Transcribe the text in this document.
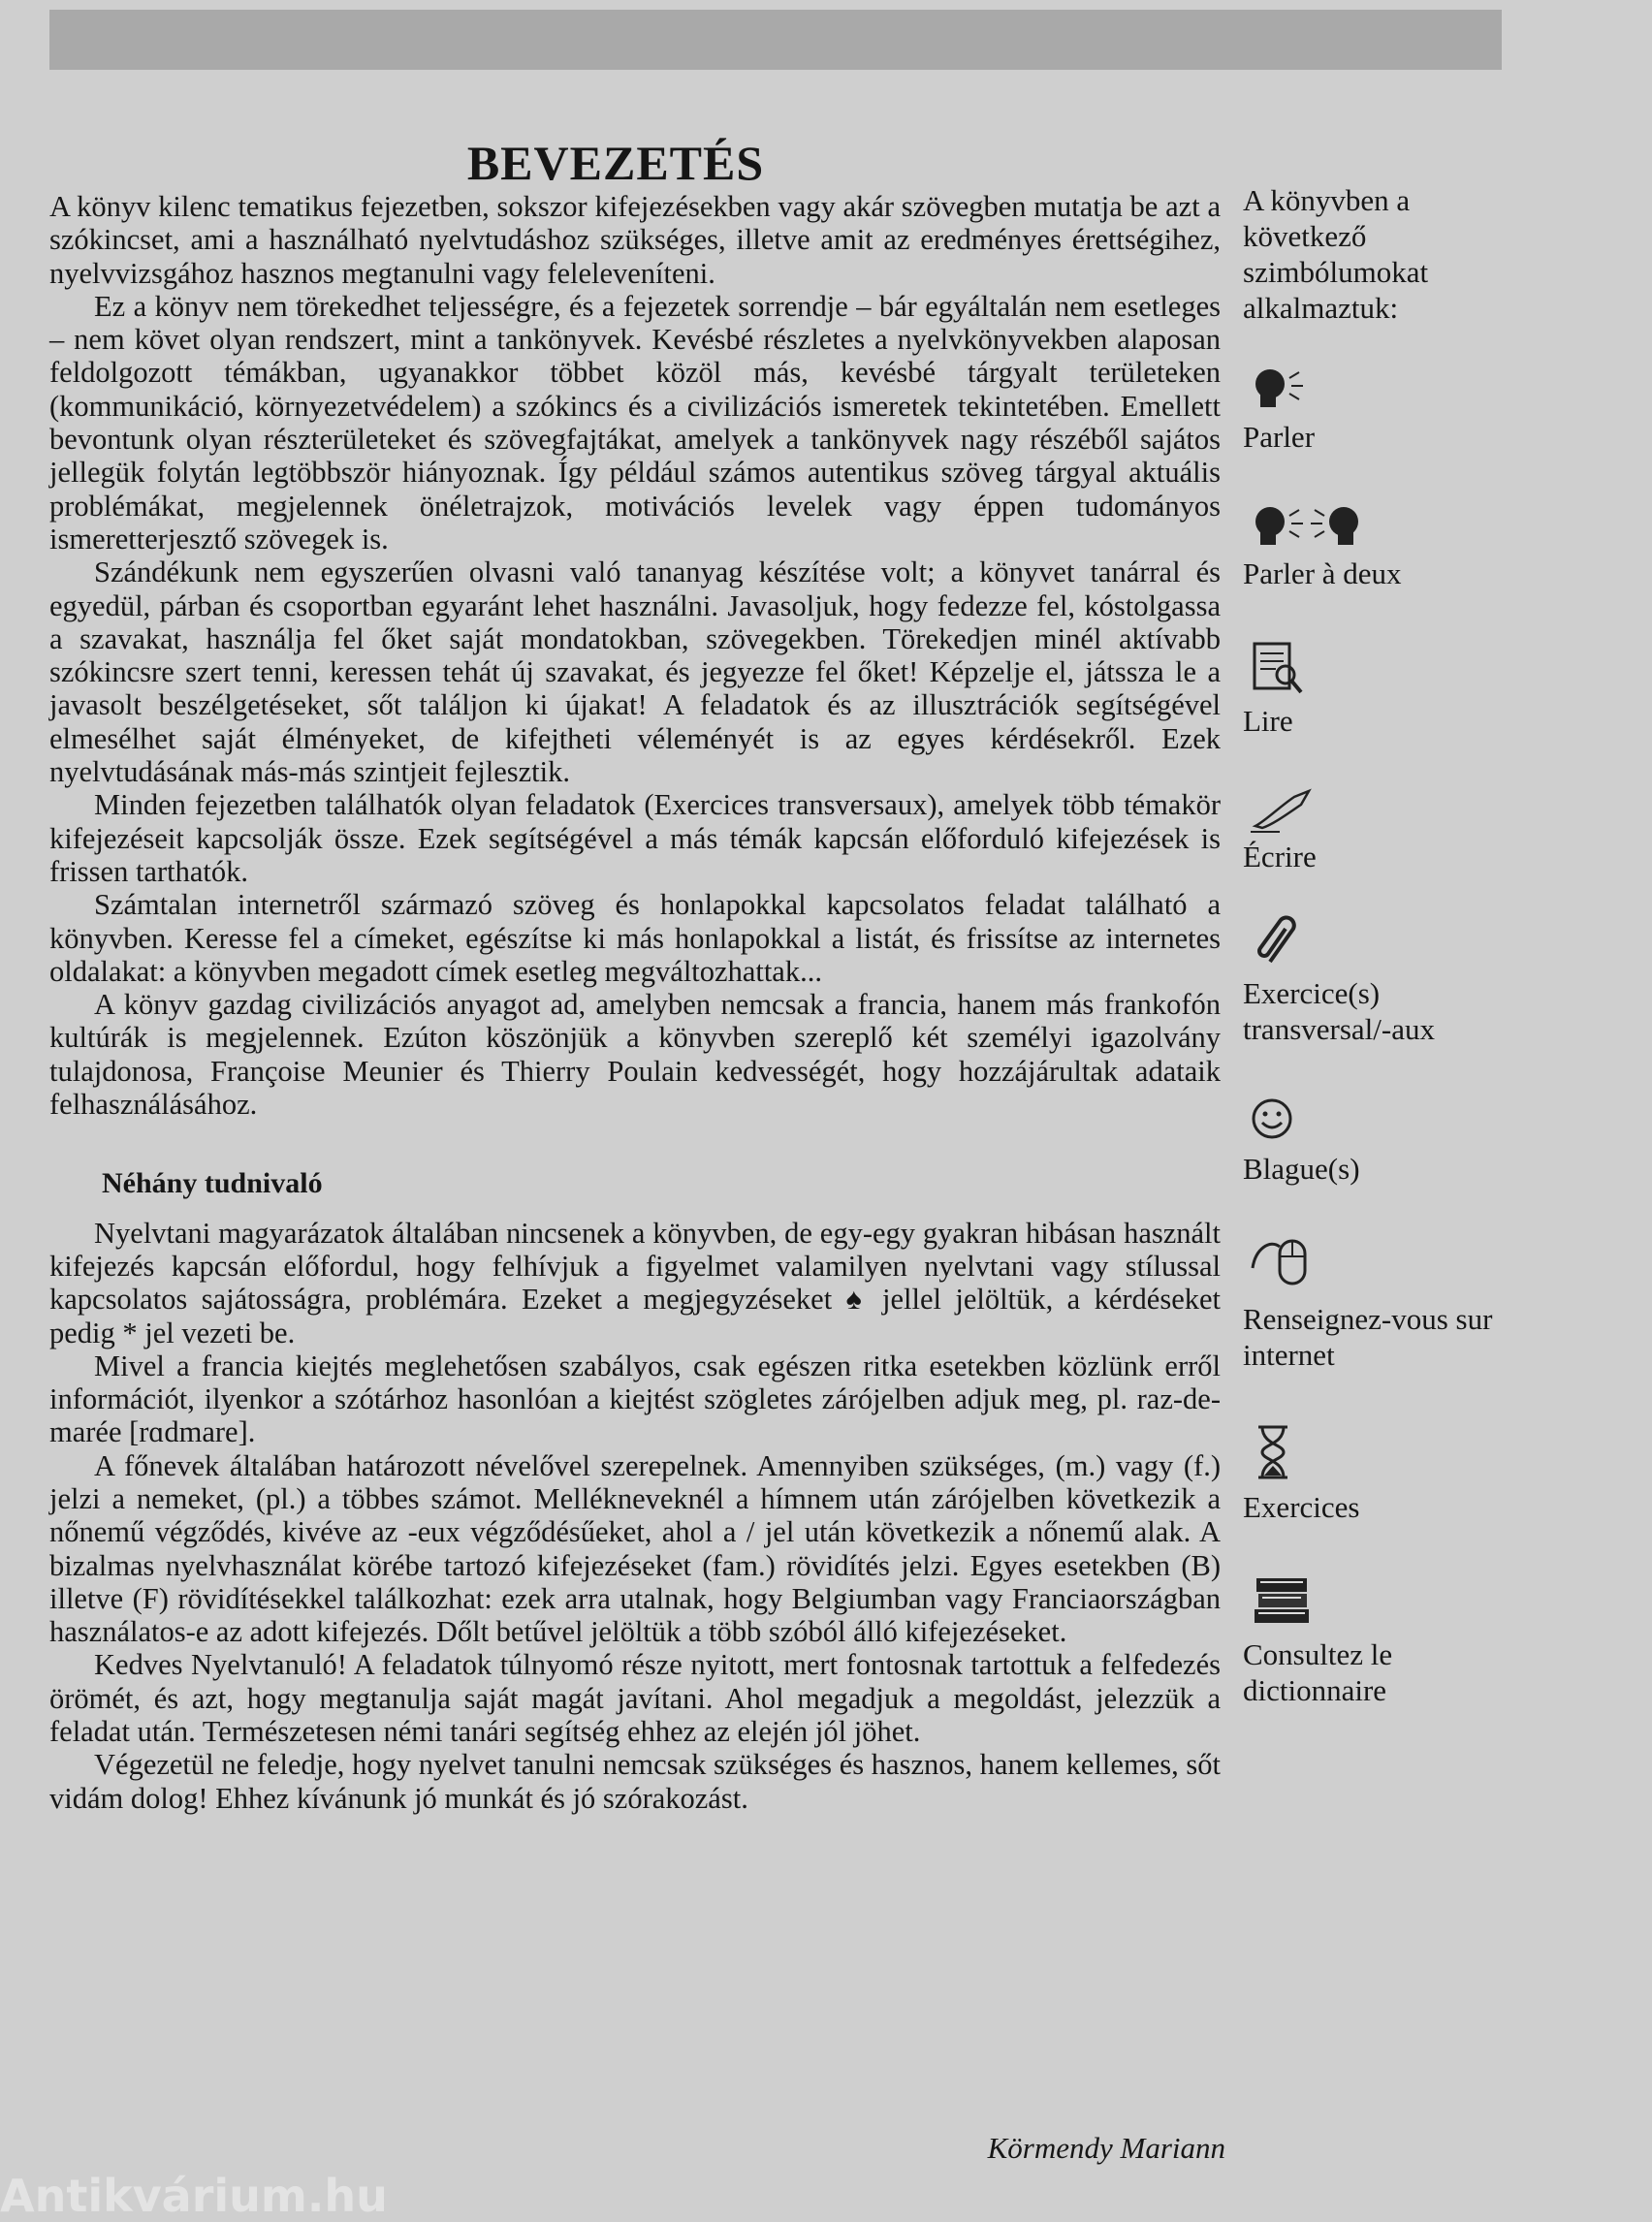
BEVEZETÉS

A könyv kilenc tematikus fejezetben, sokszor kifejezésekben vagy akár szövegben mutatja be azt a szókincset, ami a használható nyelvtudáshoz szükséges, illetve amit az eredményes érettségihez, nyelvvizsgához hasznos megtanulni vagy feleleveníteni.

Ez a könyv nem törekedhet teljességre, és a fejezetek sorrendje – bár egyáltalán nem esetleges – nem követ olyan rendszert, mint a tankönyvek. Kevésbé részletes a nyelvkönyvekben alaposan feldolgozott témákban, ugyanakkor többet közöl más, kevésbé tárgyalt területeken (kommunikáció, környezetvédelem) a szókincs és a civilizációs ismeretek tekintetében. Emellett bevontunk olyan részterületeket és szövegfajtákat, amelyek a tankönyvek nagy részéből sajátos jellegük folytán legtöbbször hiányoznak. Így például számos autentikus szöveg tárgyal aktuális problémákat, megjelennek önéletrajzok, motivációs levelek vagy éppen tudományos ismeretterjesztő szövegek is.

Szándékunk nem egyszerűen olvasni való tananyag készítése volt; a könyvet tanárral és egyedül, párban és csoportban egyaránt lehet használni. Javasoljuk, hogy fedezze fel, kóstolgassa a szavakat, használja fel őket saját mondatokban, szövegekben. Törekedjen minél aktívabb szókincsre szert tenni, keressen tehát új szavakat, és jegyezze fel őket! Képzelje el, játssza le a javasolt beszélgetéseket, sőt találjon ki újakat! A feladatok és az illusztrációk segítségével elmesélhet saját élményeket, de kifejtheti véleményét is az egyes kérdésekről. Ezek nyelvtudásának más-más szintjeit fejlesztik.

Minden fejezetben találhatók olyan feladatok (Exercices transversaux), amelyek több témakör kifejezéseit kapcsolják össze. Ezek segítségével a más témák kapcsán előforduló kifejezések is frissen tarthatók.

Számtalan internetről származó szöveg és honlapokkal kapcsolatos feladat található a könyvben. Keresse fel a címeket, egészítse ki más honlapokkal a listát, és frissítse az internetes oldalakat: a könyvben megadott címek esetleg megváltozhattak...

A könyv gazdag civilizációs anyagot ad, amelyben nemcsak a francia, hanem más frankofón kultúrák is megjelennek. Ezúton köszönjük a könyvben szereplő két személyi igazolvány tulajdonosa, Françoise Meunier és Thierry Poulain kedvességét, hogy hozzájárultak adataik felhasználásához.

Néhány tudnivaló

Nyelvtani magyarázatok általában nincsenek a könyvben, de egy-egy gyakran hibásan használt kifejezés kapcsán előfordul, hogy felhívjuk a figyelmet valamilyen nyelvtani vagy stílussal kapcsolatos sajátosságra, problémára. Ezeket a megjegyzéseket ♠ jellel jelöltük, a kérdéseket pedig * jel vezeti be.

Mivel a francia kiejtés meglehetősen szabályos, csak egészen ritka esetekben közlünk erről információt, ilyenkor a szótárhoz hasonlóan a kiejtést szögletes zárójelben adjuk meg, pl. raz-de-marée [rɑdmare].

A főnevek általában határozott névelővel szerepelnek. Amennyiben szükséges, (m.) vagy (f.) jelzi a nemeket, (pl.) a többes számot. Mellékneveknél a hímnem után zárójelben következik a nőnemű végződés, kivéve az -eux végződésűeket, ahol a / jel után következik a nőnemű alak. A bizalmas nyelvhasználat körébe tartozó kifejezéseket (fam.) rövidítés jelzi. Egyes esetekben (B) illetve (F) rövidítésekkel találkozhat: ezek arra utalnak, hogy Belgiumban vagy Franciaországban használatos-e az adott kifejezés. Dőlt betűvel jelöltük a több szóból álló kifejezéseket.

Kedves Nyelvtanuló! A feladatok túlnyomó része nyitott, mert fontosnak tartottuk a felfedezés örömét, és azt, hogy megtanulja saját magát javítani. Ahol megadjuk a megoldást, jelezzük a feladat után. Természetesen némi tanári segítség ehhez az elején jól jöhet.

Végezetül ne feledje, hogy nyelvet tanulni nemcsak szükséges és hasznos, hanem kellemes, sőt vidám dolog! Ehhez kívánunk jó munkát és jó szórakozást.

Körmendy Mariann
A könyvben a következő szimbólumokat alkalmaztuk:
Parler
Parler à deux
Lire
Écrire
Exercice(s) transversal/-aux
Blague(s)
Renseignez-vous sur internet
Exercices
Consultez le dictionnaire
Antikvárium.hu
